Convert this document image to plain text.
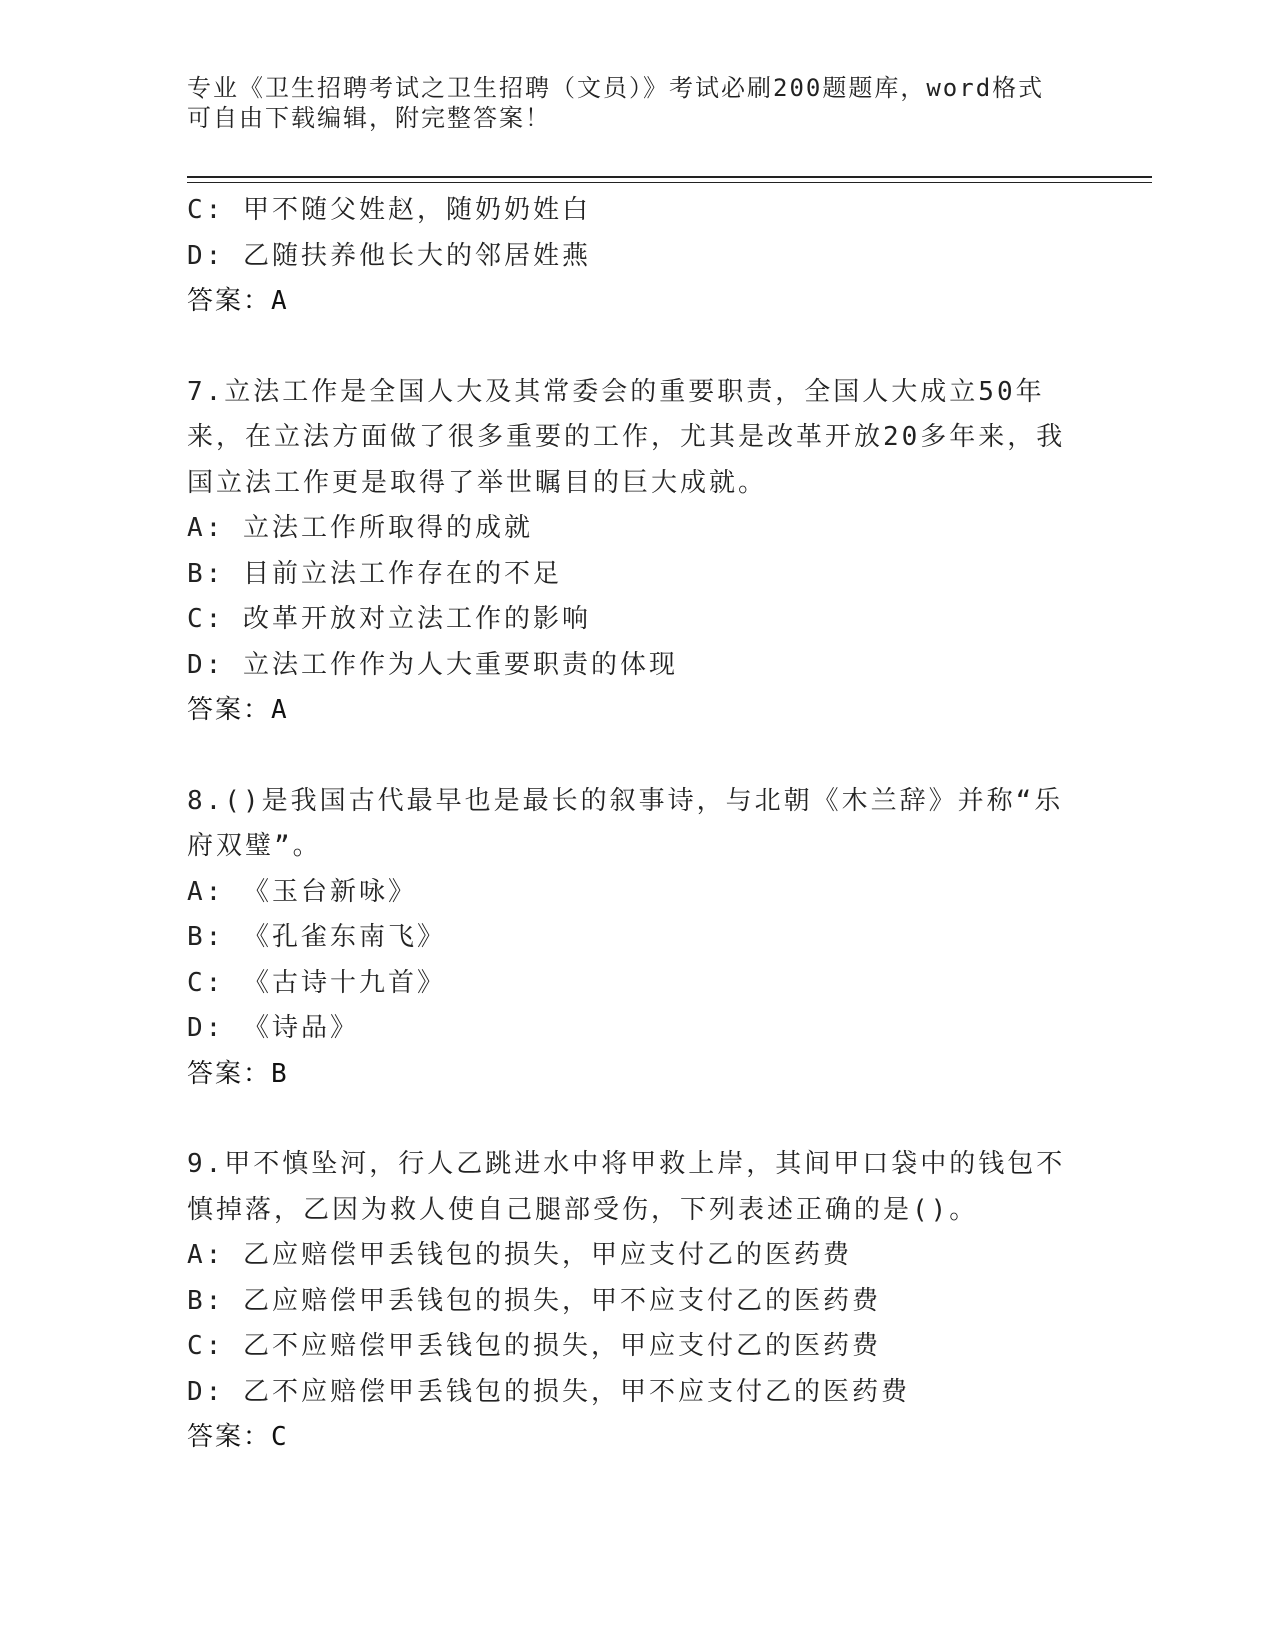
专业《卫生招聘考试之卫生招聘（文员）》考试必刷200题题库，word格式可自由下载编辑，附完整答案！
C: 甲不随父姓赵，随奶奶姓白
D: 乙随扶养他长大的邻居姓燕
答案：A
7.立法工作是全国人大及其常委会的重要职责，全国人大成立50年来，在立法方面做了很多重要的工作，尤其是改革开放20多年来，我国立法工作更是取得了举世瞩目的巨大成就。
A: 立法工作所取得的成就
B: 目前立法工作存在的不足
C: 改革开放对立法工作的影响
D: 立法工作作为人大重要职责的体现
答案：A
8.()是我国古代最早也是最长的叙事诗，与北朝《木兰辞》并称“乐府双璧”。
A: 《玉台新咏》
B: 《孔雀东南飞》
C: 《古诗十九首》
D: 《诗品》
答案：B
9.甲不慎坠河，行人乙跳进水中将甲救上岸，其间甲口袋中的钱包不慎掉落，乙因为救人使自己腿部受伤，下列表述正确的是()。
A: 乙应赔偿甲丢钱包的损失，甲应支付乙的医药费
B: 乙应赔偿甲丢钱包的损失，甲不应支付乙的医药费
C: 乙不应赔偿甲丢钱包的损失，甲应支付乙的医药费
D: 乙不应赔偿甲丢钱包的损失，甲不应支付乙的医药费
答案：C
